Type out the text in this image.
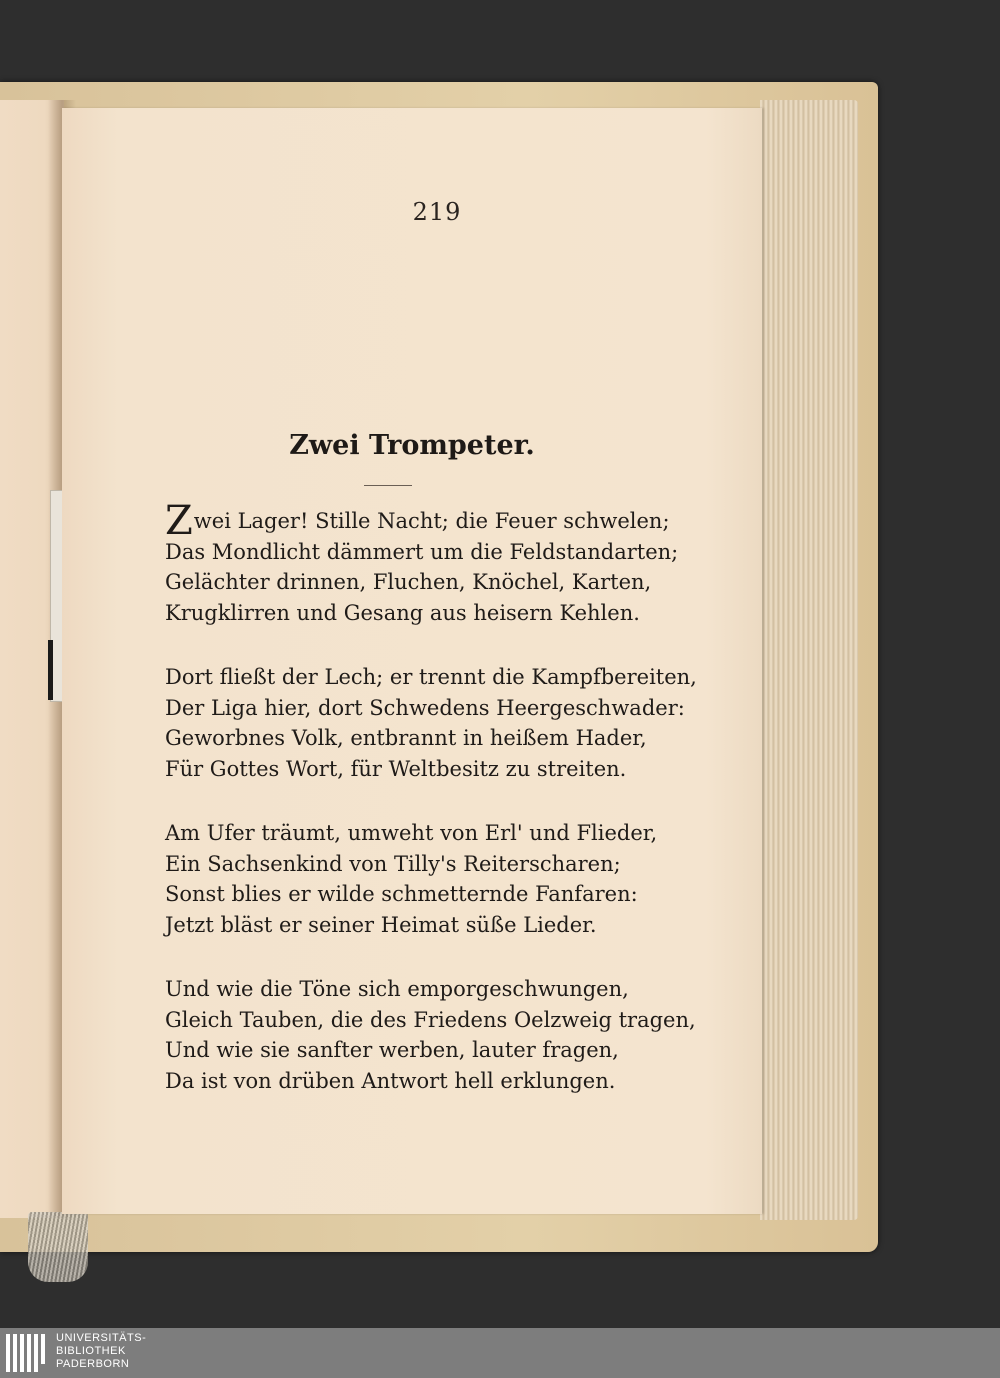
219
Zwei Trompeter.
Zwei Lager! Stille Nacht; die Feuer schwelen;
Das Mondlicht dämmert um die Feldstandarten;
Gelächter drinnen, Fluchen, Knöchel, Karten,
Krugklirren und Gesang aus heisern Kehlen.
Dort fließt der Lech; er trennt die Kampfbereiten,
Der Liga hier, dort Schwedens Heergeschwader:
Geworbnes Volk, entbrannt in heißem Hader,
Für Gottes Wort, für Weltbesitz zu streiten.
Am Ufer träumt, umweht von Erl' und Flieder,
Ein Sachsenkind von Tilly's Reiterscharen;
Sonst blies er wilde schmetternde Fanfaren:
Jetzt bläst er seiner Heimat süße Lieder.
Und wie die Töne sich emporgeschwungen,
Gleich Tauben, die des Friedens Oelzweig tragen,
Und wie sie sanfter werben, lauter fragen,
Da ist von drüben Antwort hell erklungen.
UNIVERSITÄTS-
BIBLIOTHEK
PADERBORN
